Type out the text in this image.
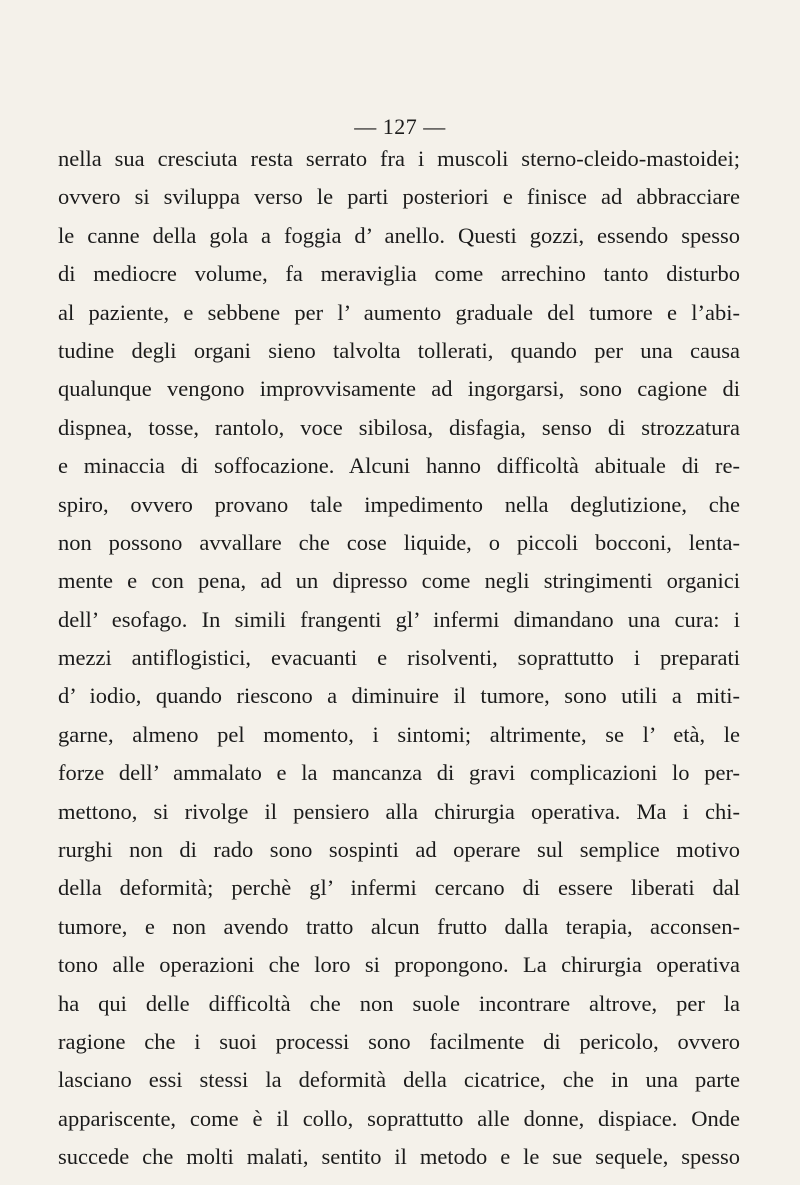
— 127 —
nella sua cresciuta resta serrato fra i muscoli sterno-cleido-mastoidei;
ovvero si sviluppa verso le parti posteriori e finisce ad abbracciare
le canne della gola a foggia d’ anello. Questi gozzi, essendo spesso
di mediocre volume, fa meraviglia come arrechino tanto disturbo
al paziente, e sebbene per l’ aumento graduale del tumore e l’abi-
tudine degli organi sieno talvolta tollerati, quando per una causa
qualunque vengono improvvisamente ad ingorgarsi, sono cagione di
dispnea, tosse, rantolo, voce sibilosa, disfagia, senso di strozzatura
e minaccia di soffocazione. Alcuni hanno difficoltà abituale di re-
spiro, ovvero provano tale impedimento nella deglutizione, che
non possono avvallare che cose liquide, o piccoli bocconi, lenta-
mente e con pena, ad un dipresso come negli stringimenti organici
dell’ esofago. In simili frangenti gl’ infermi dimandano una cura: i
mezzi antiflogistici, evacuanti e risolventi, soprattutto i preparati
d’ iodio, quando riescono a diminuire il tumore, sono utili a miti-
garne, almeno pel momento, i sintomi; altrimente, se l’ età, le
forze dell’ ammalato e la mancanza di gravi complicazioni lo per-
mettono, si rivolge il pensiero alla chirurgia operativa. Ma i chi-
rurghi non di rado sono sospinti ad operare sul semplice motivo
della deformità; perchè gl’ infermi cercano di essere liberati dal
tumore, e non avendo tratto alcun frutto dalla terapia, acconsen-
tono alle operazioni che loro si propongono. La chirurgia operativa
ha qui delle difficoltà che non suole incontrare altrove, per la
ragione che i suoi processi sono facilmente di pericolo, ovvero
lasciano essi stessi la deformità della cicatrice, che in una parte
appariscente, come è il collo, soprattutto alle donne, dispiace. Onde
succede che molti malati, sentito il metodo e le sue sequele, spesso
